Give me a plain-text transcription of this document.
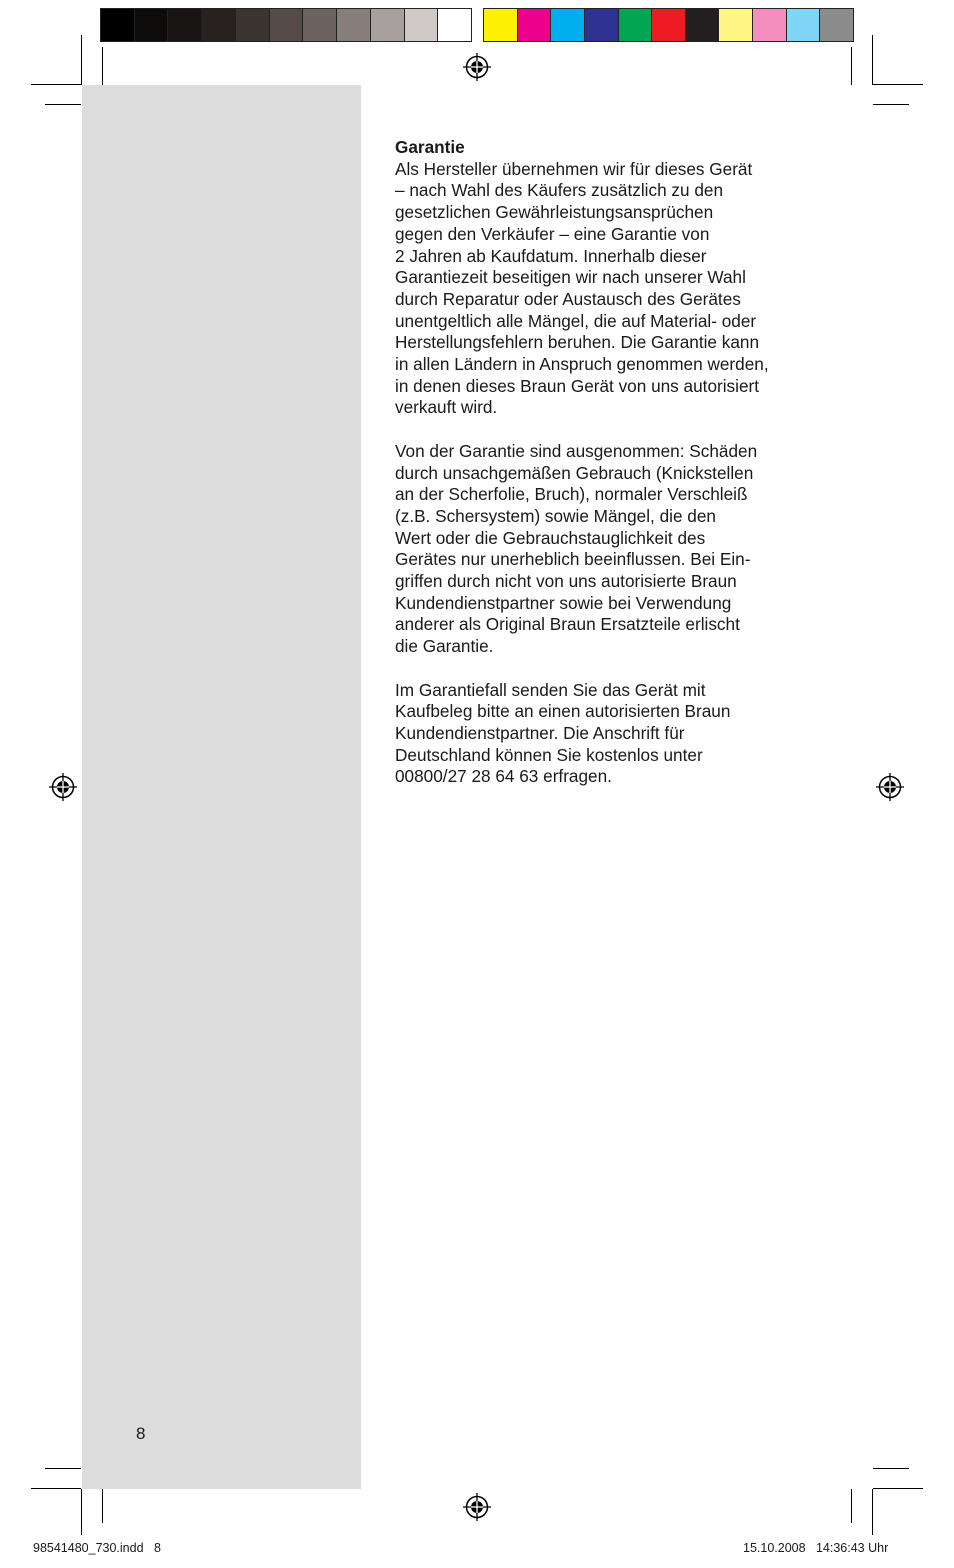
Garantie
Als Hersteller übernehmen wir für dieses Gerät
– nach Wahl des Käufers zusätzlich zu den
gesetzlichen Gewährleistungsansprüchen
gegen den Verkäufer – eine Garantie von
2 Jahren ab Kaufdatum. Innerhalb dieser
Garantiezeit beseitigen wir nach unserer Wahl
durch Reparatur oder Austausch des Gerätes
unentgeltlich alle Mängel, die auf Material- oder
Herstellungsfehlern beruhen. Die Garantie kann
in allen Ländern in Anspruch genommen werden,
in denen dieses Braun Gerät von uns autorisiert
verkauft wird.
Von der Garantie sind ausgenommen: Schäden
durch unsachgemäßen Gebrauch (Knickstellen
an der Scherfolie, Bruch), normaler Verschleiß
(z.B. Schersystem) sowie Mängel, die den
Wert oder die Gebrauchstauglichkeit des
Gerätes nur unerheblich beeinflussen. Bei Ein-
griffen durch nicht von uns autorisierte Braun
Kundendienstpartner sowie bei Verwendung
anderer als Original Braun Ersatzteile erlischt
die Garantie.
Im Garantiefall senden Sie das Gerät mit
Kaufbeleg bitte an einen autorisierten Braun
Kundendienstpartner. Die Anschrift für
Deutschland können Sie kostenlos unter
00800/27 28 64 63 erfragen.
8
98541480_730.indd   8	15.10.2008   14:36:43 Uhr
